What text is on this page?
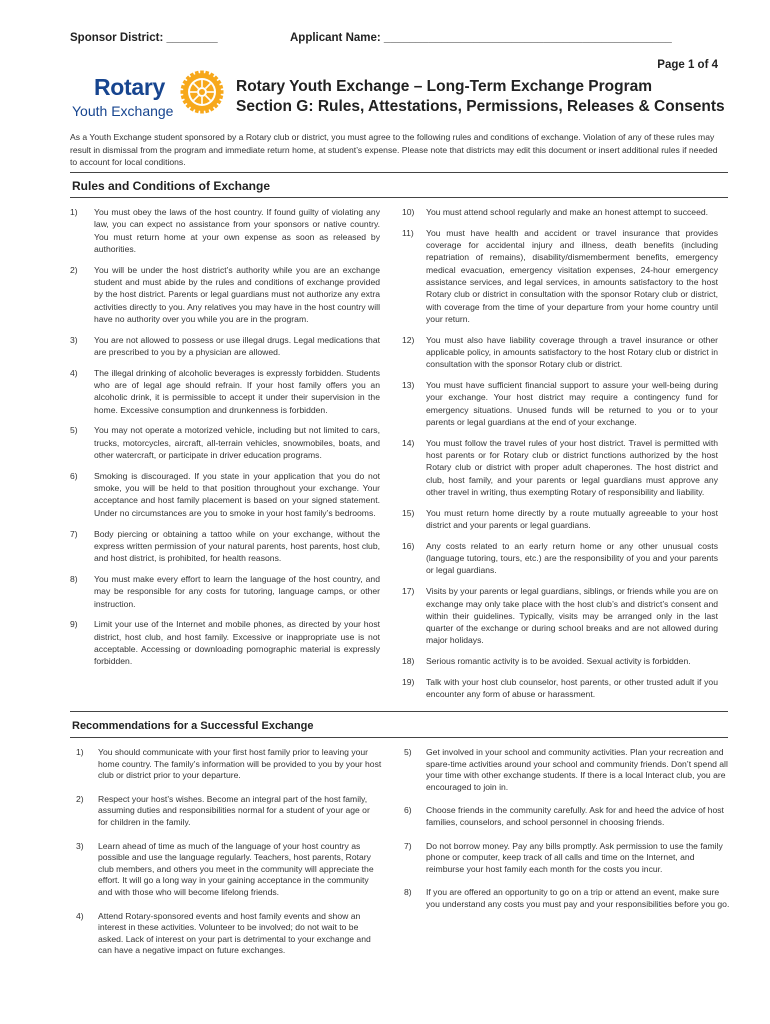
Sponsor District: ________	Applicant Name: _____________________________________________
Page 1 of 4
Rotary
Youth Exchange
Rotary Youth Exchange – Long-Term Exchange Program
Section G: Rules, Attestations, Permissions, Releases & Consents
As a Youth Exchange student sponsored by a Rotary club or district, you must agree to the following rules and conditions of exchange. Violation of any of these rules may result in dismissal from the program and immediate return home, at student’s expense. Please note that districts may edit this document or insert additional rules if needed to account for local conditions.
Rules and Conditions of Exchange
1) You must obey the laws of the host country. If found guilty of violating any law, you can expect no assistance from your sponsors or native country. You must return home at your own expense as soon as released by authorities.
2) You will be under the host district’s authority while you are an exchange student and must abide by the rules and conditions of exchange provided by the host district. Parents or legal guardians must not authorize any extra activities directly to you. Any relatives you may have in the host country will have no authority over you while you are in the program.
3) You are not allowed to possess or use illegal drugs. Legal medications that are prescribed to you by a physician are allowed.
4) The illegal drinking of alcoholic beverages is expressly forbidden. Students who are of legal age should refrain. If your host family offers you an alcoholic drink, it is permissible to accept it under their supervision in the home. Excessive consumption and drunkenness is forbidden.
5) You may not operate a motorized vehicle, including but not limited to cars, trucks, motorcycles, aircraft, all-terrain vehicles, snowmobiles, boats, and other watercraft, or participate in driver education programs.
6) Smoking is discouraged. If you state in your application that you do not smoke, you will be held to that position throughout your exchange. Your acceptance and host family placement is based on your signed statement. Under no circumstances are you to smoke in your host family’s bedrooms.
7) Body piercing or obtaining a tattoo while on your exchange, without the express written permission of your natural parents, host parents, host club, and host district, is prohibited, for health reasons.
8) You must make every effort to learn the language of the host country, and may be responsible for any costs for tutoring, language camps, or other instruction.
9) Limit your use of the Internet and mobile phones, as directed by your host district, host club, and host family. Excessive or inappropriate use is not acceptable. Accessing or downloading pornographic material is expressly forbidden.
10) You must attend school regularly and make an honest attempt to succeed.
11) You must have health and accident or travel insurance that provides coverage for accidental injury and illness, death benefits (including repatriation of remains), disability/dismemberment benefits, emergency medical evacuation, emergency visitation expenses, 24-hour emergency assistance services, and legal services, in amounts satisfactory to the host Rotary club or district in consultation with the sponsor Rotary club or district, with coverage from the time of your departure from your home country until your return.
12) You must also have liability coverage through a travel insurance or other applicable policy, in amounts satisfactory to the host Rotary club or district in consultation with the sponsor Rotary club or district.
13) You must have sufficient financial support to assure your well-being during your exchange. Your host district may require a contingency fund for emergency situations. Unused funds will be returned to you or to your parents or legal guardians at the end of your exchange.
14) You must follow the travel rules of your host district. Travel is permitted with host parents or for Rotary club or district functions authorized by the host Rotary club or district with proper adult chaperones. The host district and club, host family, and your parents or legal guardians must approve any other travel in writing, thus exempting Rotary of responsibility and liability.
15) You must return home directly by a route mutually agreeable to your host district and your parents or legal guardians.
16) Any costs related to an early return home or any other unusual costs (language tutoring, tours, etc.) are the responsibility of you and your parents or legal guardians.
17) Visits by your parents or legal guardians, siblings, or friends while you are on exchange may only take place with the host club’s and district’s consent and within their guidelines. Typically, visits may be arranged only in the last quarter of the exchange or during school breaks and are not allowed during major holidays.
18) Serious romantic activity is to be avoided. Sexual activity is forbidden.
19) Talk with your host club counselor, host parents, or other trusted adult if you encounter any form of abuse or harassment.
Recommendations for a Successful Exchange
1) You should communicate with your first host family prior to leaving your home country. The family’s information will be provided to you by your host club or district prior to your departure.
2) Respect your host’s wishes. Become an integral part of the host family, assuming duties and responsibilities normal for a student of your age or for children in the family.
3) Learn ahead of time as much of the language of your host country as possible and use the language regularly. Teachers, host parents, Rotary club members, and others you meet in the community will appreciate the effort. It will go a long way in your gaining acceptance in the community and with those who will become lifelong friends.
4) Attend Rotary-sponsored events and host family events and show an interest in these activities. Volunteer to be involved; do not wait to be asked. Lack of interest on your part is detrimental to your exchange and can have a negative impact on future exchanges.
5) Get involved in your school and community activities. Plan your recreation and spare-time activities around your school and community friends. Don’t spend all your time with other exchange students. If there is a local Interact club, you are encouraged to join in.
6) Choose friends in the community carefully. Ask for and heed the advice of host families, counselors, and school personnel in choosing friends.
7) Do not borrow money. Pay any bills promptly. Ask permission to use the family phone or computer, keep track of all calls and time on the Internet, and reimburse your host family each month for the costs you incur.
8) If you are offered an opportunity to go on a trip or attend an event, make sure you understand any costs you must pay and your responsibilities before you go.
